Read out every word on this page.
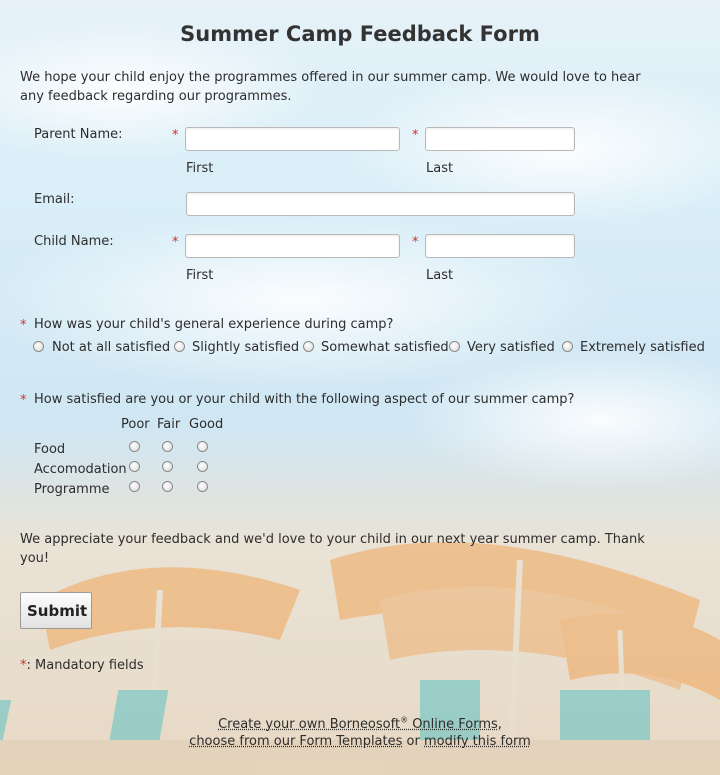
Summer Camp Feedback Form
We hope your child enjoy the programmes offered in our summer camp. We would love to hear any feedback regarding our programmes.
Parent Name:	*	*
First	Last
Email:
Child Name:	*	*
First	Last
* How was your child's general experience during camp?
Not at all satisfied Slightly satisfied Somewhat satisfied Very satisfied Extremely satisfied
* How satisfied are you or your child with the following aspect of our summer camp?
Poor Fair Good
Food
Accomodation
Programme
We appreciate your feedback and we'd love to your child in our next year summer camp. Thank you!
Submit
*: Mandatory fields
Create your own Borneosoft® Online Forms,
choose from our Form Templates or modify this form
